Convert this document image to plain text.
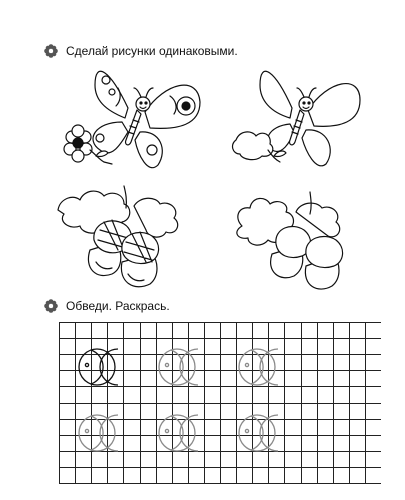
Сделай рисунки одинаковыми.
Обведи. Раскрась.
